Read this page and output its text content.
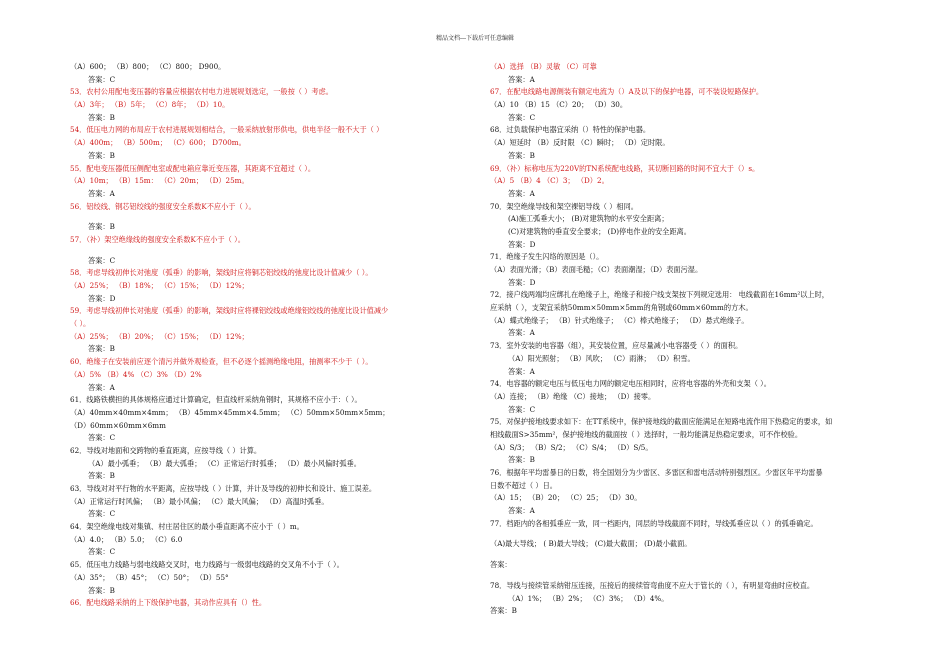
精品文档---下载后可任意编辑
（A）600； （B）800； （C）800； D900。
答案：C
53．农村公用配电变压器的容量应根据农村电力进展规划选定，一般按（ ）考虑。
（A）3年； （B）5年； （C）8年； （D）10。
答案：B
54．低压电力网的布局应于农村进展规划相结合，一般采纳放射形供电，供电半径一般不大于（ ）
（A）400m； （B）500m； （C）600； D700m。
答案：B
55．配电变压器低压侧配电室或配电箱应靠近变压器，其距离不宜超过（ ）。
（A）10m； （B）15m： （C）20m； （D）25m。
答案：A
56．铝绞线、钢芯铝绞线的强度安全系数K不应小于（ ）。
答案：B
57．（补）架空绝缘线的强度安全系数K不应小于（ ）。
答案：C
58．考虑导线初伸长对弛度（弧垂）的影响，架线时应将铜芯铝绞线的弛度比设计值减少（ ）。
（A）25%； （B）18%； （C）15%； （D）12%；
答案：D
59．考虑导线初伸长对弛度（弧垂）的影响，架线时应将裸铝绞线或绝缘铝绞线的弛度比设计值减少
（ ）。
（A）25%； （B）20%； （C）15%； （D）12%；
答案：B
60．绝缘子在安装前应逐个清污并做外观检查，但不必逐个摇测绝缘电阻，抽测率不少于（ ）。
（A）5% （B）4% （C）3% （D）2%
答案：A
61．线路铁横担的具体规格应通过计算确定，但直线杆采纳角钢时，其规格不应小于：（ ）。
（A）40mm×40mm×4mm； （B）45mm×45mm×4.5mm； （C）50mm×50mm×5mm；
（D）60mm×60mm×6mm
答案：C
62．导线对地面和交跨物的垂直距离，应按导线（ ）计算。
（A）最小弧垂； （B）最大弧垂； （C）正常运行时弧垂； （D）最小风偏时弧垂。
答案：B
63．导线对对平行物的水平距离，应按导线（ ）计算，并计及导线的初伸长和设计、施工误差。
（A）正常运行时风偏； （B）最小风偏； （C）最大风偏； （D）高温时弧垂。
答案：C
64．架空绝缘电线对集镇、村庄居住区的最小垂直距离不应小于（ ）m。
（A）4.0； （B）5.0； （C）6.0
答案：C
65．低压电力线路与弱电线路交叉时，电力线路与一级弱电线路的交叉角不小于（ ）。
（A）35°； （B）45°； （C）50°； （D）55°
答案：B
66．配电线路采纳的上下级保护电器，其动作应具有（）性。
（A）选择 （B）灵敏 （C）可靠
答案：A
67．在配电线路电源侧装有额定电流为（）A及以下的保护电器，可不装设短路保护。
（A）10 （B）15 （C）20； （D）30。
答案：C
68．过负载保护电器宜采纳（）特性的保护电器。
（A）短延时 （B）反时限 （C）瞬时； （D）定时限。
答案：B
69．（补）标称电压为220V的TN系统配电线路，其切断回路的时间不宜大于（）s。
（A）5 （B）4 （C）3； （D）2。
答案：A
70．架空绝缘导线和架空裸铝导线（ ）相同。
(A)施工弧垂大小； (B)对建筑物的水平安全距离；
(C)对建筑物的垂直安全要求； (D)停电作业的安全距离。
答案：D
71．绝缘子发生闪络的原因是（）。
（A）表面光滑；（B）表面毛糙；（C）表面潮湿；（D）表面污湿。
答案：D
72．接户线两端均应绑扎在绝缘子上，绝缘子和接户线支架按下列规定选用： 电线截面在16mm²以上时，
应采纳（ ），支架宜采纳50mm×50mm×5mm的角钢或60mm×60mm的方木。
（A）蝶式绝缘子； （B）针式绝缘子； （C）棒式绝缘子； （D）悬式绝缘子。
答案：A
73．室外安装的电容器（组），其安装位置，应尽量减小电容器受（ ）的面积。
（A）阳光照射； （B）风吹； （C）雨淋； （D）积雪。
答案：A
74．电容器的额定电压与低压电力网的额定电压相同时，应将电容器的外壳和支架（ ）。
（A）连接； （B）绝缘 （C）接地； （D）接零。
答案：C
75．对保护接地线要求如下：在TT系统中，保护接地线的截面应能满足在短路电流作用下热稳定的要求，如
相线截面S>35mm²，保护接地线的截面按（ ）选择时，一般均能满足热稳定要求，可不作校验。
（A）S/3； （B）S/2； （C）S/4； （D）S/5。
答案：B
76．根据年平均雷暴日的日数，将全国划分为少雷区、多雷区和雷电活动特别强烈区。少雷区年平均雷暴
日数不超过（ ）日。
（A）15； （B）20； （C）25； （D）30。
答案：A
77．档距内的各相弧垂应一致，同一档距内，同层的导线截面不同时，导线弧垂应以（ ）的弧垂确定。
（A)最大导线； ( B)最大导线； (C)最大截面； (D)最小截面。
答案：
78．导线与接续管采纳钳压连接，压接后的接续管弯曲度不应大于管长的（ ），有明显弯曲时应校直。
（A）1%； （B）2%； （C）3%； （D）4%。
答案：B
